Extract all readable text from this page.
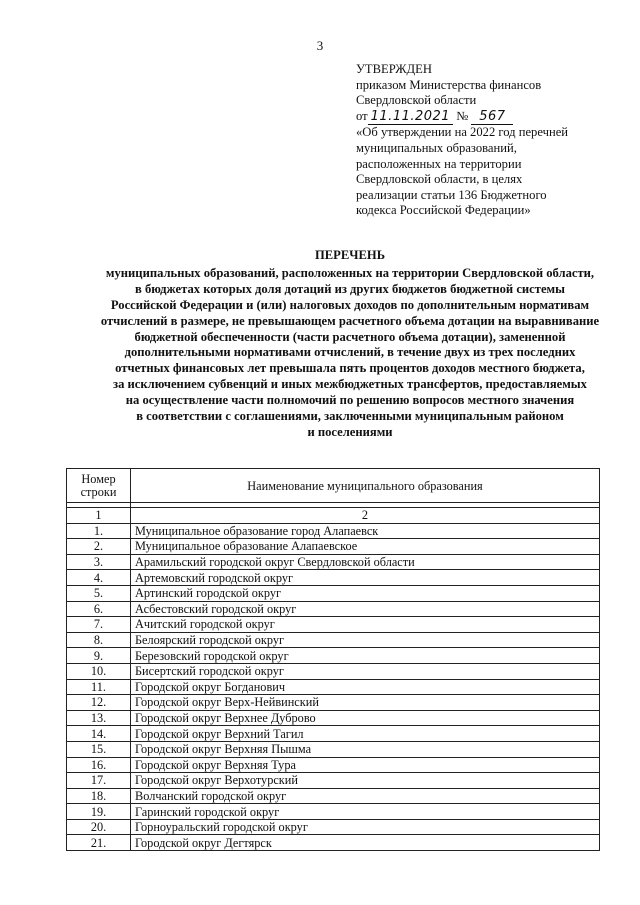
3
УТВЕРЖДЕН
приказом Министерства финансов
Свердловской области
от 11.11.2021 № 567
«Об утверждении на 2022 год перечней
муниципальных образований,
расположенных на территории
Свердловской области, в целях
реализации статьи 136 Бюджетного
кодекса Российской Федерации»
ПЕРЕЧЕНЬ
муниципальных образований, расположенных на территории Свердловской области,
в бюджетах которых доля дотаций из других бюджетов бюджетной системы
Российской Федерации и (или) налоговых доходов по дополнительным нормативам
отчислений в размере, не превышающем расчетного объема дотации на выравнивание
бюджетной обеспеченности (части расчетного объема дотации), замененной
дополнительными нормативами отчислений, в течение двух из трех последних
отчетных финансовых лет превышала пять процентов доходов местного бюджета,
за исключением субвенций и иных межбюджетных трансфертов, предоставляемых
на осуществление части полномочий по решению вопросов местного значения
в соответствии с соглашениями, заключенными муниципальным районом
и поселениями
Номер строки	Наименование муниципального образования

1	2
1.	Муниципальное образование город Алапаевск
2.	Муниципальное образование Алапаевское
3.	Арамильский городской округ Свердловской области
4.	Артемовский городской округ
5.	Артинский городской округ
6.	Асбестовский городской округ
7.	Ачитский городской округ
8.	Белоярский городской округ
9.	Березовский городской округ
10.	Бисертский городской округ
11.	Городской округ Богданович
12.	Городской округ Верх-Нейвинский
13.	Городской округ Верхнее Дуброво
14.	Городской округ Верхний Тагил
15.	Городской округ Верхняя Пышма
16.	Городской округ Верхняя Тура
17.	Городской округ Верхотурский
18.	Волчанский городской округ
19.	Гаринский городской округ
20.	Горноуральский городской округ
21.	Городской округ Дегтярск
